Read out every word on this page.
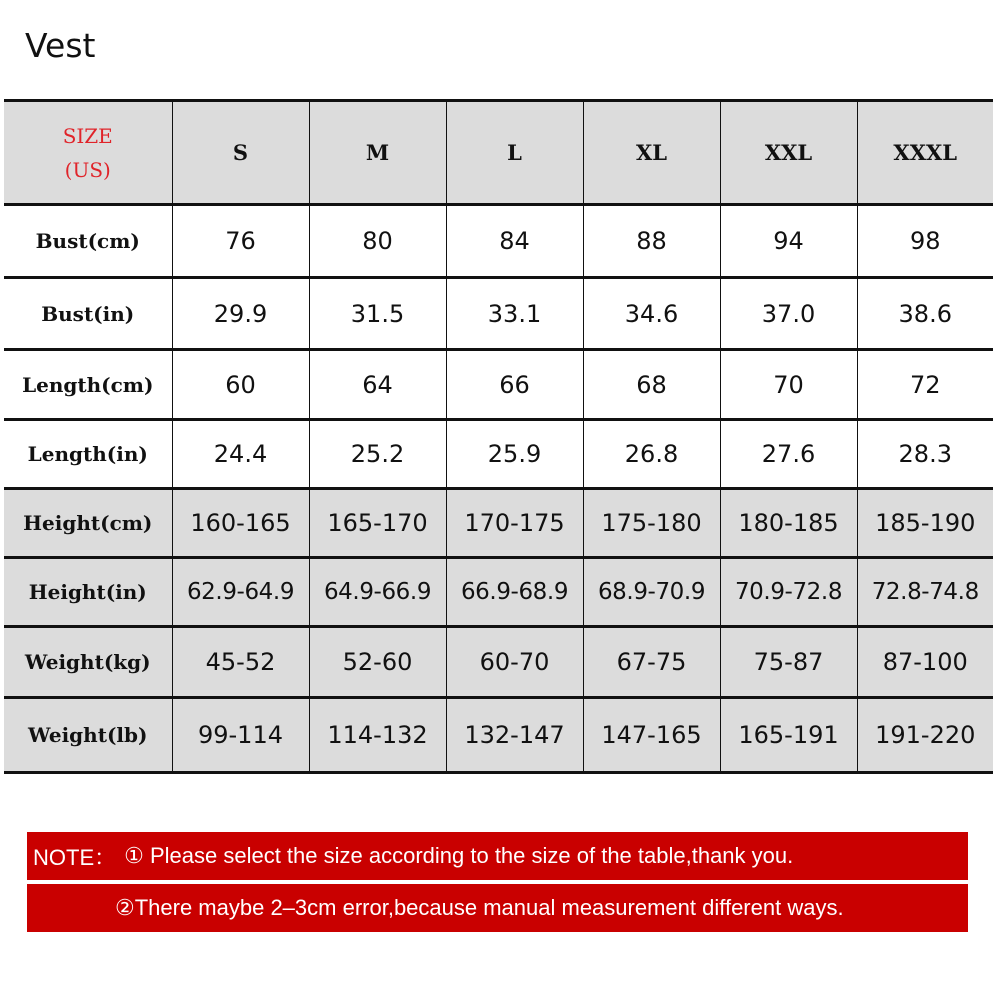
Vest
SIZE
(US)	S	M	L	XL	XXL	XXXL
Bust(cm)	76	80	84	88	94	98
Bust(in)	29.9	31.5	33.1	34.6	37.0	38.6
Length(cm)	60	64	66	68	70	72
Length(in)	24.4	25.2	25.9	26.8	27.6	28.3
Height(cm)	160-165	165-170	170-175	175-180	180-185	185-190
Height(in)	62.9-64.9	64.9-66.9	66.9-68.9	68.9-70.9	70.9-72.8	72.8-74.8
Weight(kg)	45-52	52-60	60-70	67-75	75-87	87-100
Weight(lb)	99-114	114-132	132-147	147-165	165-191	191-220
NOTE： ① Please select the size according to the size of the table,thank you.
②There maybe 2–3cm error,because manual measurement different ways.
